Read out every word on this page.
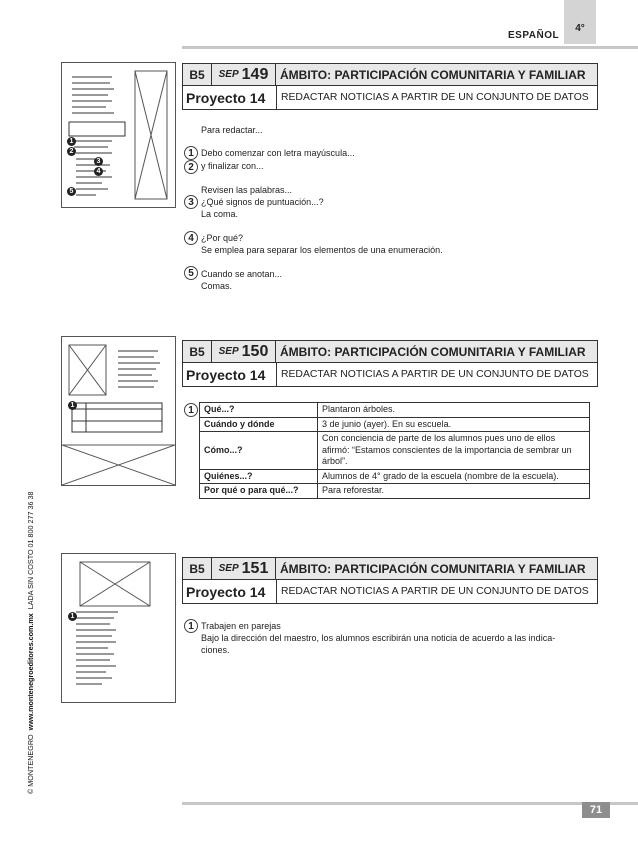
4°
ESPAÑOL
© MONTENEGRO  www.montenegroeditores.com.mx  LADA SIN COSTO 01 800 277 36 38
1
2
3
4
5
B5	SEP 149 ÁMBITO: PARTICIPACIÓN COMUNITARIA Y FAMILIAR
Proyecto 14	REDACTAR NOTICIAS A PARTIR DE UN CONJUNTO DE DATOS
Para redactar...
1 Debo comenzar con letra mayúscula...
2 y finalizar con...
Revisen las palabras...
3 ¿Qué signos de puntuación...?
La coma.
4 ¿Por qué?
Se emplea para separar los elementos de una enumeración.
5 Cuando se anotan...
Comas.
1
B5	SEP 150 ÁMBITO: PARTICIPACIÓN COMUNITARIA Y FAMILIAR
Proyecto 14	REDACTAR NOTICIAS A PARTIR DE UN CONJUNTO DE DATOS
1	Qué...?	Plantaron árboles.
Cuándo y dónde	3 de junio (ayer). En su escuela.
Cómo...?	Con conciencia de parte de los alumnos pues uno de ellos afirmó: “Estamos conscientes de la importancia de sembrar un árbol”.
Quiénes...?	Alumnos de 4° grado de la escuela (nombre de la escuela).
Por qué o para qué...?	Para reforestar.
1
B5	SEP 151 ÁMBITO: PARTICIPACIÓN COMUNITARIA Y FAMILIAR
Proyecto 14	REDACTAR NOTICIAS A PARTIR DE UN CONJUNTO DE DATOS
1 Trabajen en parejas
Bajo la dirección del maestro, los alumnos escribirán una noticia de acuerdo a las indica-
ciones.
71
